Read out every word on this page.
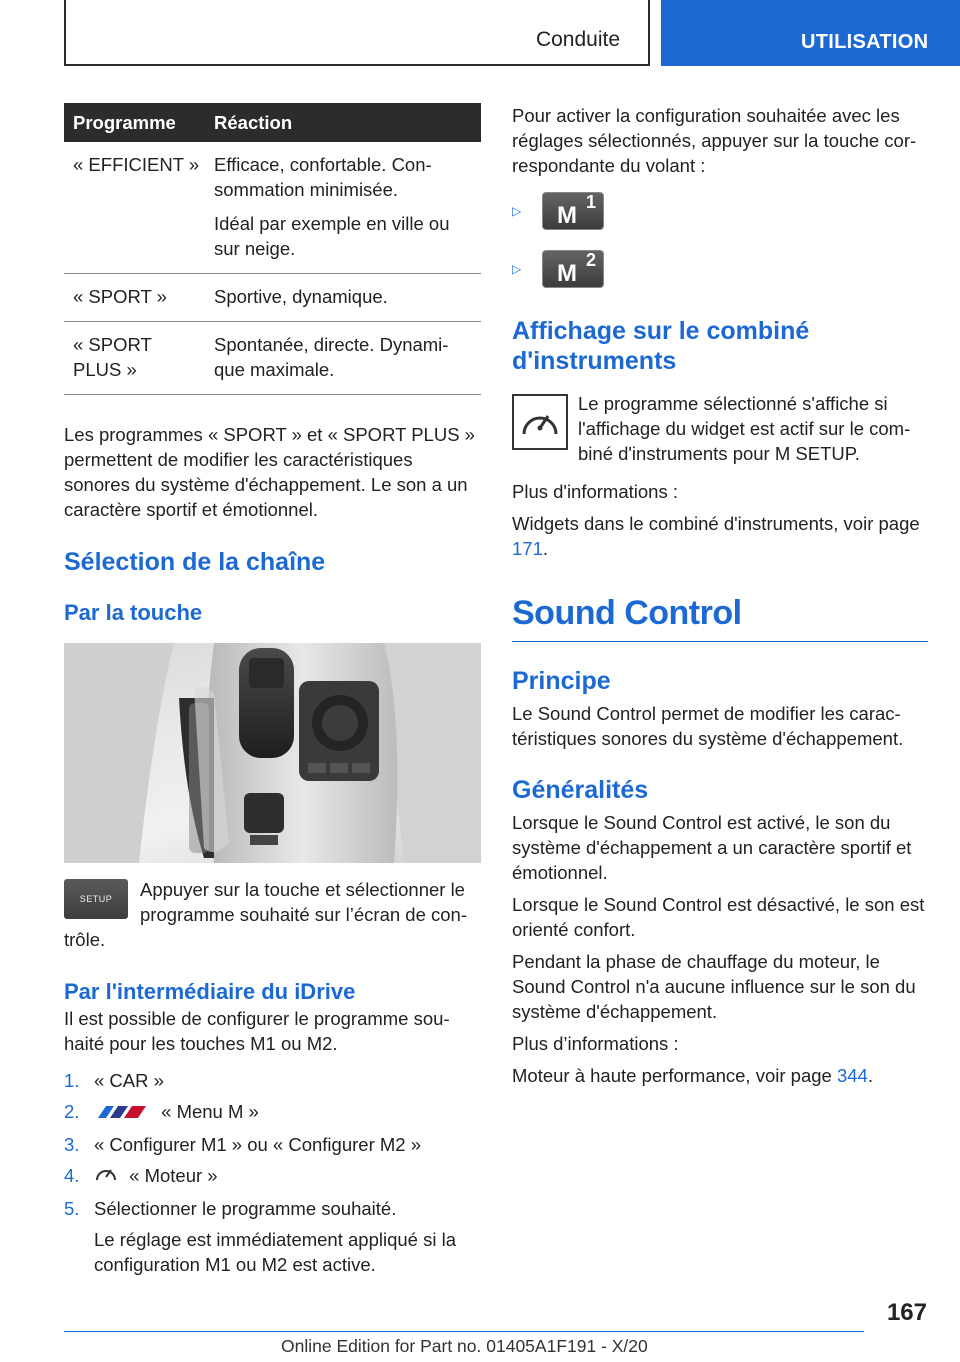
Conduite	UTILISATION
Programme	Réaction
« EFFICIENT »	Efficace, confortable. Consommation minimisée.
Idéal par exemple en ville ou sur neige.

« SPORT »	Sportive, dynamique.
« SPORT PLUS »	Spontanée, directe. Dynamique maximale.

Les programmes « SPORT » et « SPORT PLUS » permettent de modifier les caractéristiques sonores du système d'échappement. Le son a un caractère sportif et émotionnel.

Sélection de la chaîne
Par la touche
SETUP	Appuyer sur la touche et sélectionner le programme souhaité sur l’écran de contrôle.

Par l'intermédiaire du iDrive

Il est possible de configurer le programme souhaité pour les touches M1 ou M2.

1. « CAR »
2.	« Menu M »
3. « Configurer M1 » ou « Configurer M2 »
4.	« Moteur »
5. Sélectionner le programme souhaité.
Le réglage est immédiatement appliqué si la configuration M1 ou M2 est active.

Pour activer la configuration souhaitée avec les réglages sélectionnés, appuyer sur la touche correspondante du volant :

▷	M 1
▷	M 2
Affichage sur le combiné d'instruments

Le programme sélectionné s'affiche si l'affichage du widget est actif sur le combiné d'instruments pour M SETUP.

Plus d'informations :

Widgets dans le combiné d'instruments, voir page 171.

Sound Control
Principe

Le Sound Control permet de modifier les caractéristiques sonores du système d'échappement.

Généralités

Lorsque le Sound Control est activé, le son du système d'échappement a un caractère sportif et émotionnel.

Lorsque le Sound Control est désactivé, le son est orienté confort.

Pendant la phase de chauffage du moteur, le Sound Control n'a aucune influence sur le son du système d'échappement.

Plus d’informations :

Moteur à haute performance, voir page 344.

167
Online Edition for Part no. 01405A1F191 - X/20
